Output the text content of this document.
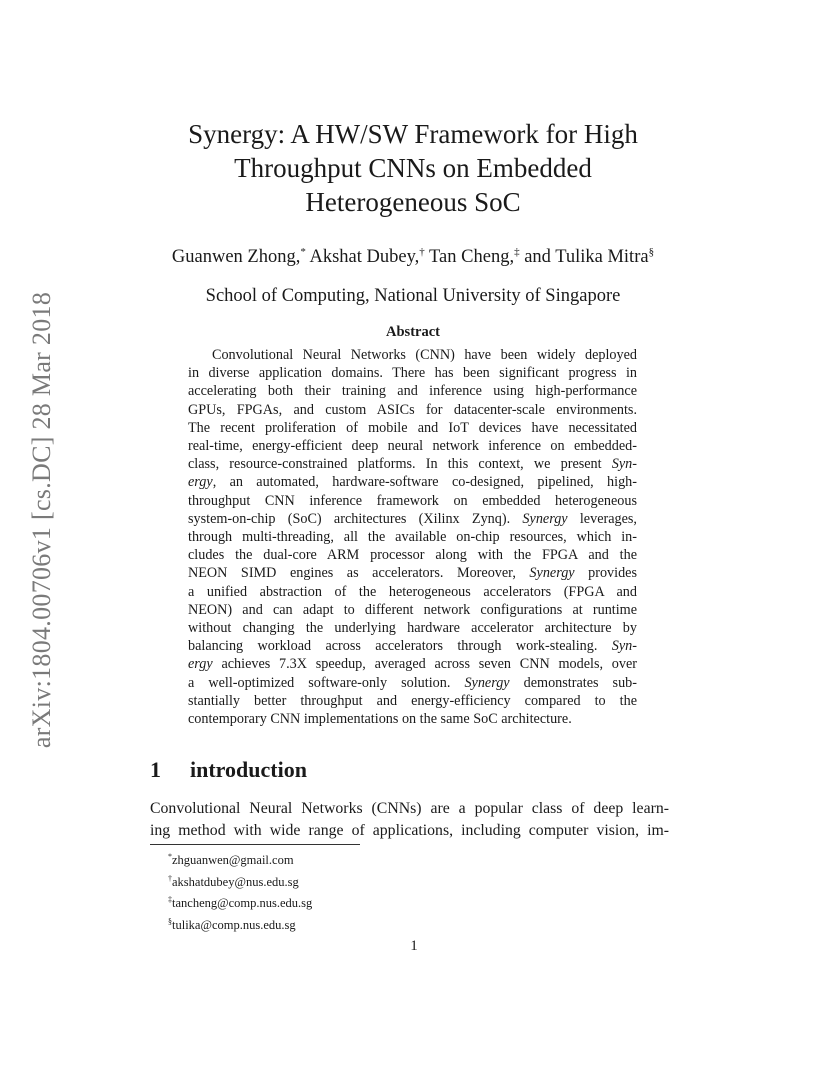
arXiv:1804.00706v1 [cs.DC] 28 Mar 2018
Synergy: A HW/SW Framework for High
Throughput CNNs on Embedded
Heterogeneous SoC
Guanwen Zhong,* Akshat Dubey,† Tan Cheng,‡ and Tulika Mitra§
School of Computing, National University of Singapore
Abstract
Convolutional Neural Networks (CNN) have been widely deployed
in diverse application domains. There has been significant progress in
accelerating both their training and inference using high-performance
GPUs, FPGAs, and custom ASICs for datacenter-scale environments.
The recent proliferation of mobile and IoT devices have necessitated
real-time, energy-efficient deep neural network inference on embedded-
class, resource-constrained platforms. In this context, we present Syn-
ergy, an automated, hardware-software co-designed, pipelined, high-
throughput CNN inference framework on embedded heterogeneous
system-on-chip (SoC) architectures (Xilinx Zynq). Synergy leverages,
through multi-threading, all the available on-chip resources, which in-
cludes the dual-core ARM processor along with the FPGA and the
NEON SIMD engines as accelerators. Moreover, Synergy provides
a unified abstraction of the heterogeneous accelerators (FPGA and
NEON) and can adapt to different network configurations at runtime
without changing the underlying hardware accelerator architecture by
balancing workload across accelerators through work-stealing. Syn-
ergy achieves 7.3X speedup, averaged across seven CNN models, over
a well-optimized software-only solution. Synergy demonstrates sub-
stantially better throughput and energy-efficiency compared to the
contemporary CNN implementations on the same SoC architecture.
1 introduction
Convolutional Neural Networks (CNNs) are a popular class of deep learn-
ing method with wide range of applications, including computer vision, im-
*zhguanwen@gmail.com
†akshatdubey@nus.edu.sg
‡tancheng@comp.nus.edu.sg
§tulika@comp.nus.edu.sg
1
